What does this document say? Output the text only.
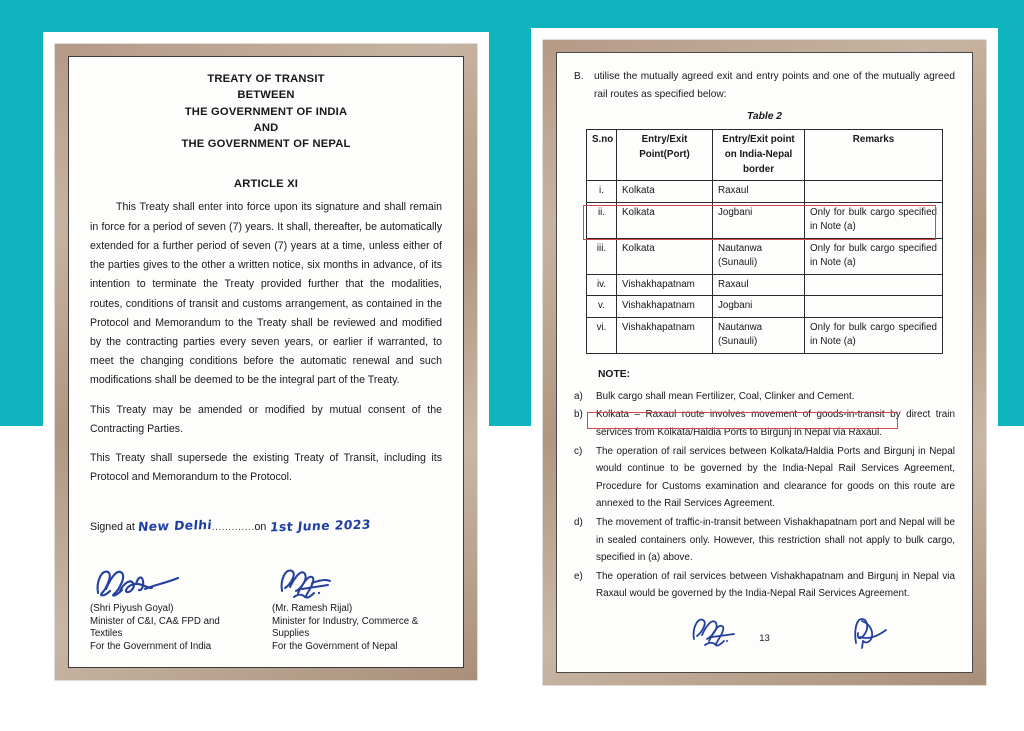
TREATY OF TRANSIT
BETWEEN
THE GOVERNMENT OF INDIA
AND
THE GOVERNMENT OF NEPAL
ARTICLE XI
This Treaty shall enter into force upon its signature and shall remain in force for a period of seven (7) years. It shall, thereafter, be automatically extended for a further period of seven (7) years at a time, unless either of the parties gives to the other a written notice, six months in advance, of its intention to terminate the Treaty provided further that the modalities, routes, conditions of transit and customs arrangement, as contained in the Protocol and Memorandum to the Treaty shall be reviewed and modified by the contracting parties every seven years, or earlier if warranted, to meet the changing conditions before the automatic renewal and such modifications shall be deemed to be the integral part of the Treaty.
This Treaty may be amended or modified by mutual consent of the Contracting Parties.
This Treaty shall supersede the existing Treaty of Transit, including its Protocol and Memorandum to the Protocol.
Signed at New Delhi ............. on 1st June 2023
(Shri Piyush Goyal)
Minister of C&I, CA& FPD and
Textiles
For the Government of India
(Mr. Ramesh Rijal)
Minister for Industry, Commerce &
Supplies
For the Government of Nepal
B.	utilise the mutually agreed exit and entry points and one of the mutually agreed rail routes as specified below:
Table 2
S.no	Entry/Exit Point(Port)	Entry/Exit point on India-Nepal border	Remarks
i.	Kolkata	Raxaul	
ii.	Kolkata	Jogbani	Only for bulk cargo specified in Note (a)
iii.	Kolkata	Nautanwa (Sunauli)	Only for bulk cargo specified in Note (a)
iv.	Vishakhapatnam	Raxaul	
v.	Vishakhapatnam	Jogbani	
vi.	Vishakhapatnam	Nautanwa (Sunauli)	Only for bulk cargo specified in Note (a)
NOTE:
a)	Bulk cargo shall mean Fertilizer, Coal, Clinker and Cement.
b)	Kolkata – Raxaul route involves movement of goods-in-transit by direct train services from Kolkata/Haldia Ports to Birgunj in Nepal via Raxaul.
c)	The operation of rail services between Kolkata/Haldia Ports and Birgunj in Nepal would continue to be governed by the India-Nepal Rail Services Agreement, Procedure for Customs examination and clearance for goods on this route are annexed to the Rail Services Agreement.
d)	The movement of traffic-in-transit between Vishakhapatnam port and Nepal will be in sealed containers only. However, this restriction shall not apply to bulk cargo, specified in (a) above.
e)	The operation of rail services between Vishakhapatnam and Birgunj in Nepal via Raxaul would be governed by the India-Nepal Rail Services Agreement.
13
